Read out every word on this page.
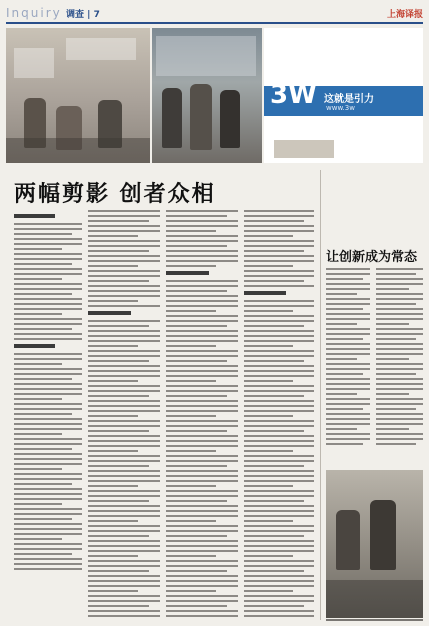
Inquiry 调查 | 7	上海译报
3W 这就是引力
www.3w
两幅剪影 创者众相
让创新成为常态
